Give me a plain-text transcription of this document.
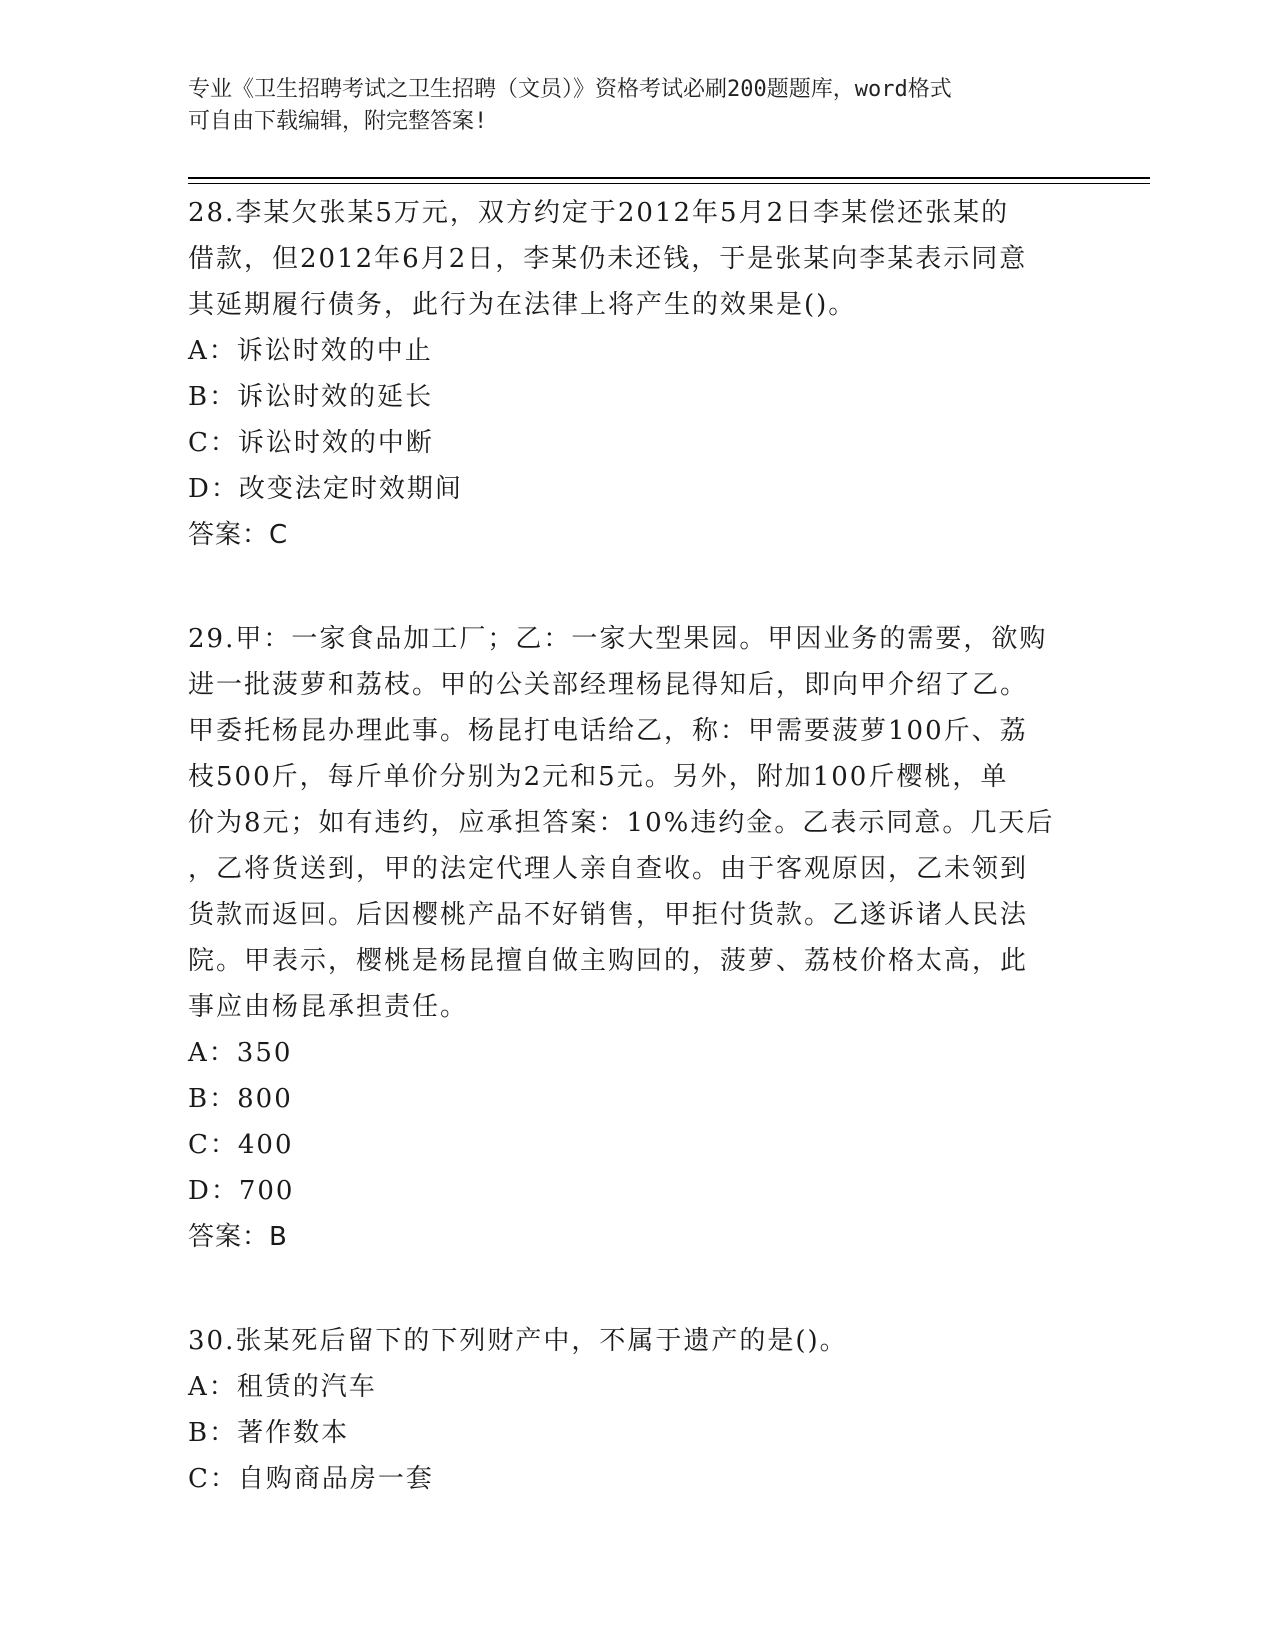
专业《卫生招聘考试之卫生招聘（文员）》资格考试必刷200题题库，word格式
可自由下载编辑，附完整答案!
28.李某欠张某5万元，双方约定于2012年5月2日李某偿还张某的
借款，但2012年6月2日，李某仍未还钱，于是张某向李某表示同意
其延期履行债务，此行为在法律上将产生的效果是()。
A：诉讼时效的中止
B：诉讼时效的延长
C：诉讼时效的中断
D：改变法定时效期间
答案：C
29.甲：一家食品加工厂；乙：一家大型果园。甲因业务的需要，欲购
进一批菠萝和荔枝。甲的公关部经理杨昆得知后，即向甲介绍了乙。
甲委托杨昆办理此事。杨昆打电话给乙，称：甲需要菠萝100斤、荔
枝500斤，每斤单价分别为2元和5元。另外，附加100斤樱桃，单
价为8元；如有违约，应承担答案：10%违约金。乙表示同意。几天后
，乙将货送到，甲的法定代理人亲自查收。由于客观原因，乙未领到
货款而返回。后因樱桃产品不好销售，甲拒付货款。乙遂诉诸人民法
院。甲表示，樱桃是杨昆擅自做主购回的，菠萝、荔枝价格太高，此
事应由杨昆承担责任。
A：350
B：800
C：400
D：700
答案：B
30.张某死后留下的下列财产中，不属于遗产的是()。
A：租赁的汽车
B：著作数本
C：自购商品房一套
